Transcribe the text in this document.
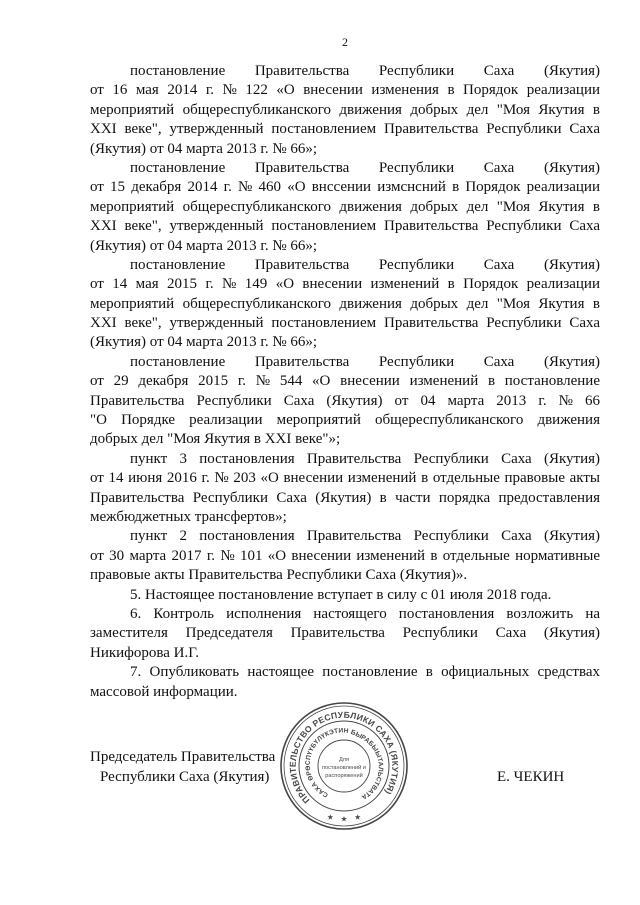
2
постановление Правительства Республики Саха (Якутия)
от 16 мая 2014 г. № 122 «О внесении изменения в Порядок реализации
мероприятий общереспубликанского движения добрых дел "Моя Якутия в
XXI веке", утвержденный постановлением Правительства Республики Саха
(Якутия) от 04 марта 2013 г. № 66»;
постановление Правительства Республики Саха (Якутия)
от 15 декабря 2014 г. № 460 «О внссении измснсний в Порядок реализации
мероприятий общереспубликанского движения добрых дел "Моя Якутия в
XXI веке", утвержденный постановлением Правительства Республики Саха
(Якутия) от 04 марта 2013 г. № 66»;
постановление Правительства Республики Саха (Якутия)
от 14 мая 2015 г. № 149 «О внесении изменений в Порядок реализации
мероприятий общереспубликанского движения добрых дел "Моя Якутия в
XXI веке", утвержденный постановлением Правительства Республики Саха
(Якутия) от 04 марта 2013 г. № 66»;
постановление Правительства Республики Саха (Якутия)
от 29 декабря 2015 г. № 544 «О внесении изменений в постановление
Правительства Республики Саха (Якутия) от 04 марта 2013 г. № 66
"О Порядке реализации мероприятий общереспубликанского движения
добрых дел "Моя Якутия в XXI веке"»;
пункт 3 постановления Правительства Республики Саха (Якутия)
от 14 июня 2016 г. № 203 «О внесении изменений в отдельные правовые акты
Правительства Республики Саха (Якутия) в части порядка предоставления
межбюджетных трансфертов»;
пункт 2 постановления Правительства Республики Саха (Якутия)
от 30 марта 2017 г. № 101 «О внесении изменений в отдельные нормативные
правовые акты Правительства Республики Саха (Якутия)».
5. Настоящее постановление вступает в силу с 01 июля 2018 года.
6. Контроль исполнения настоящего постановления возложить на
заместителя Председателя Правительства Республики Саха (Якутия)
Никифорова И.Г.
7. Опубликовать настоящее постановление в официальных средствах
массовой информации.
Председатель Правительства
Республики Саха (Якутия)	Е. ЧЕКИН
ПРАВИТЕЛЬСТВО РЕСПУБЛИКИ САХА (ЯКУТИЯ)
САХА ӨРӨСПҮҮБҮЛҮКЭТИН БЫРАБЫЫТАЛЬСТВАТА
Для
постановлений и
распоряжений
